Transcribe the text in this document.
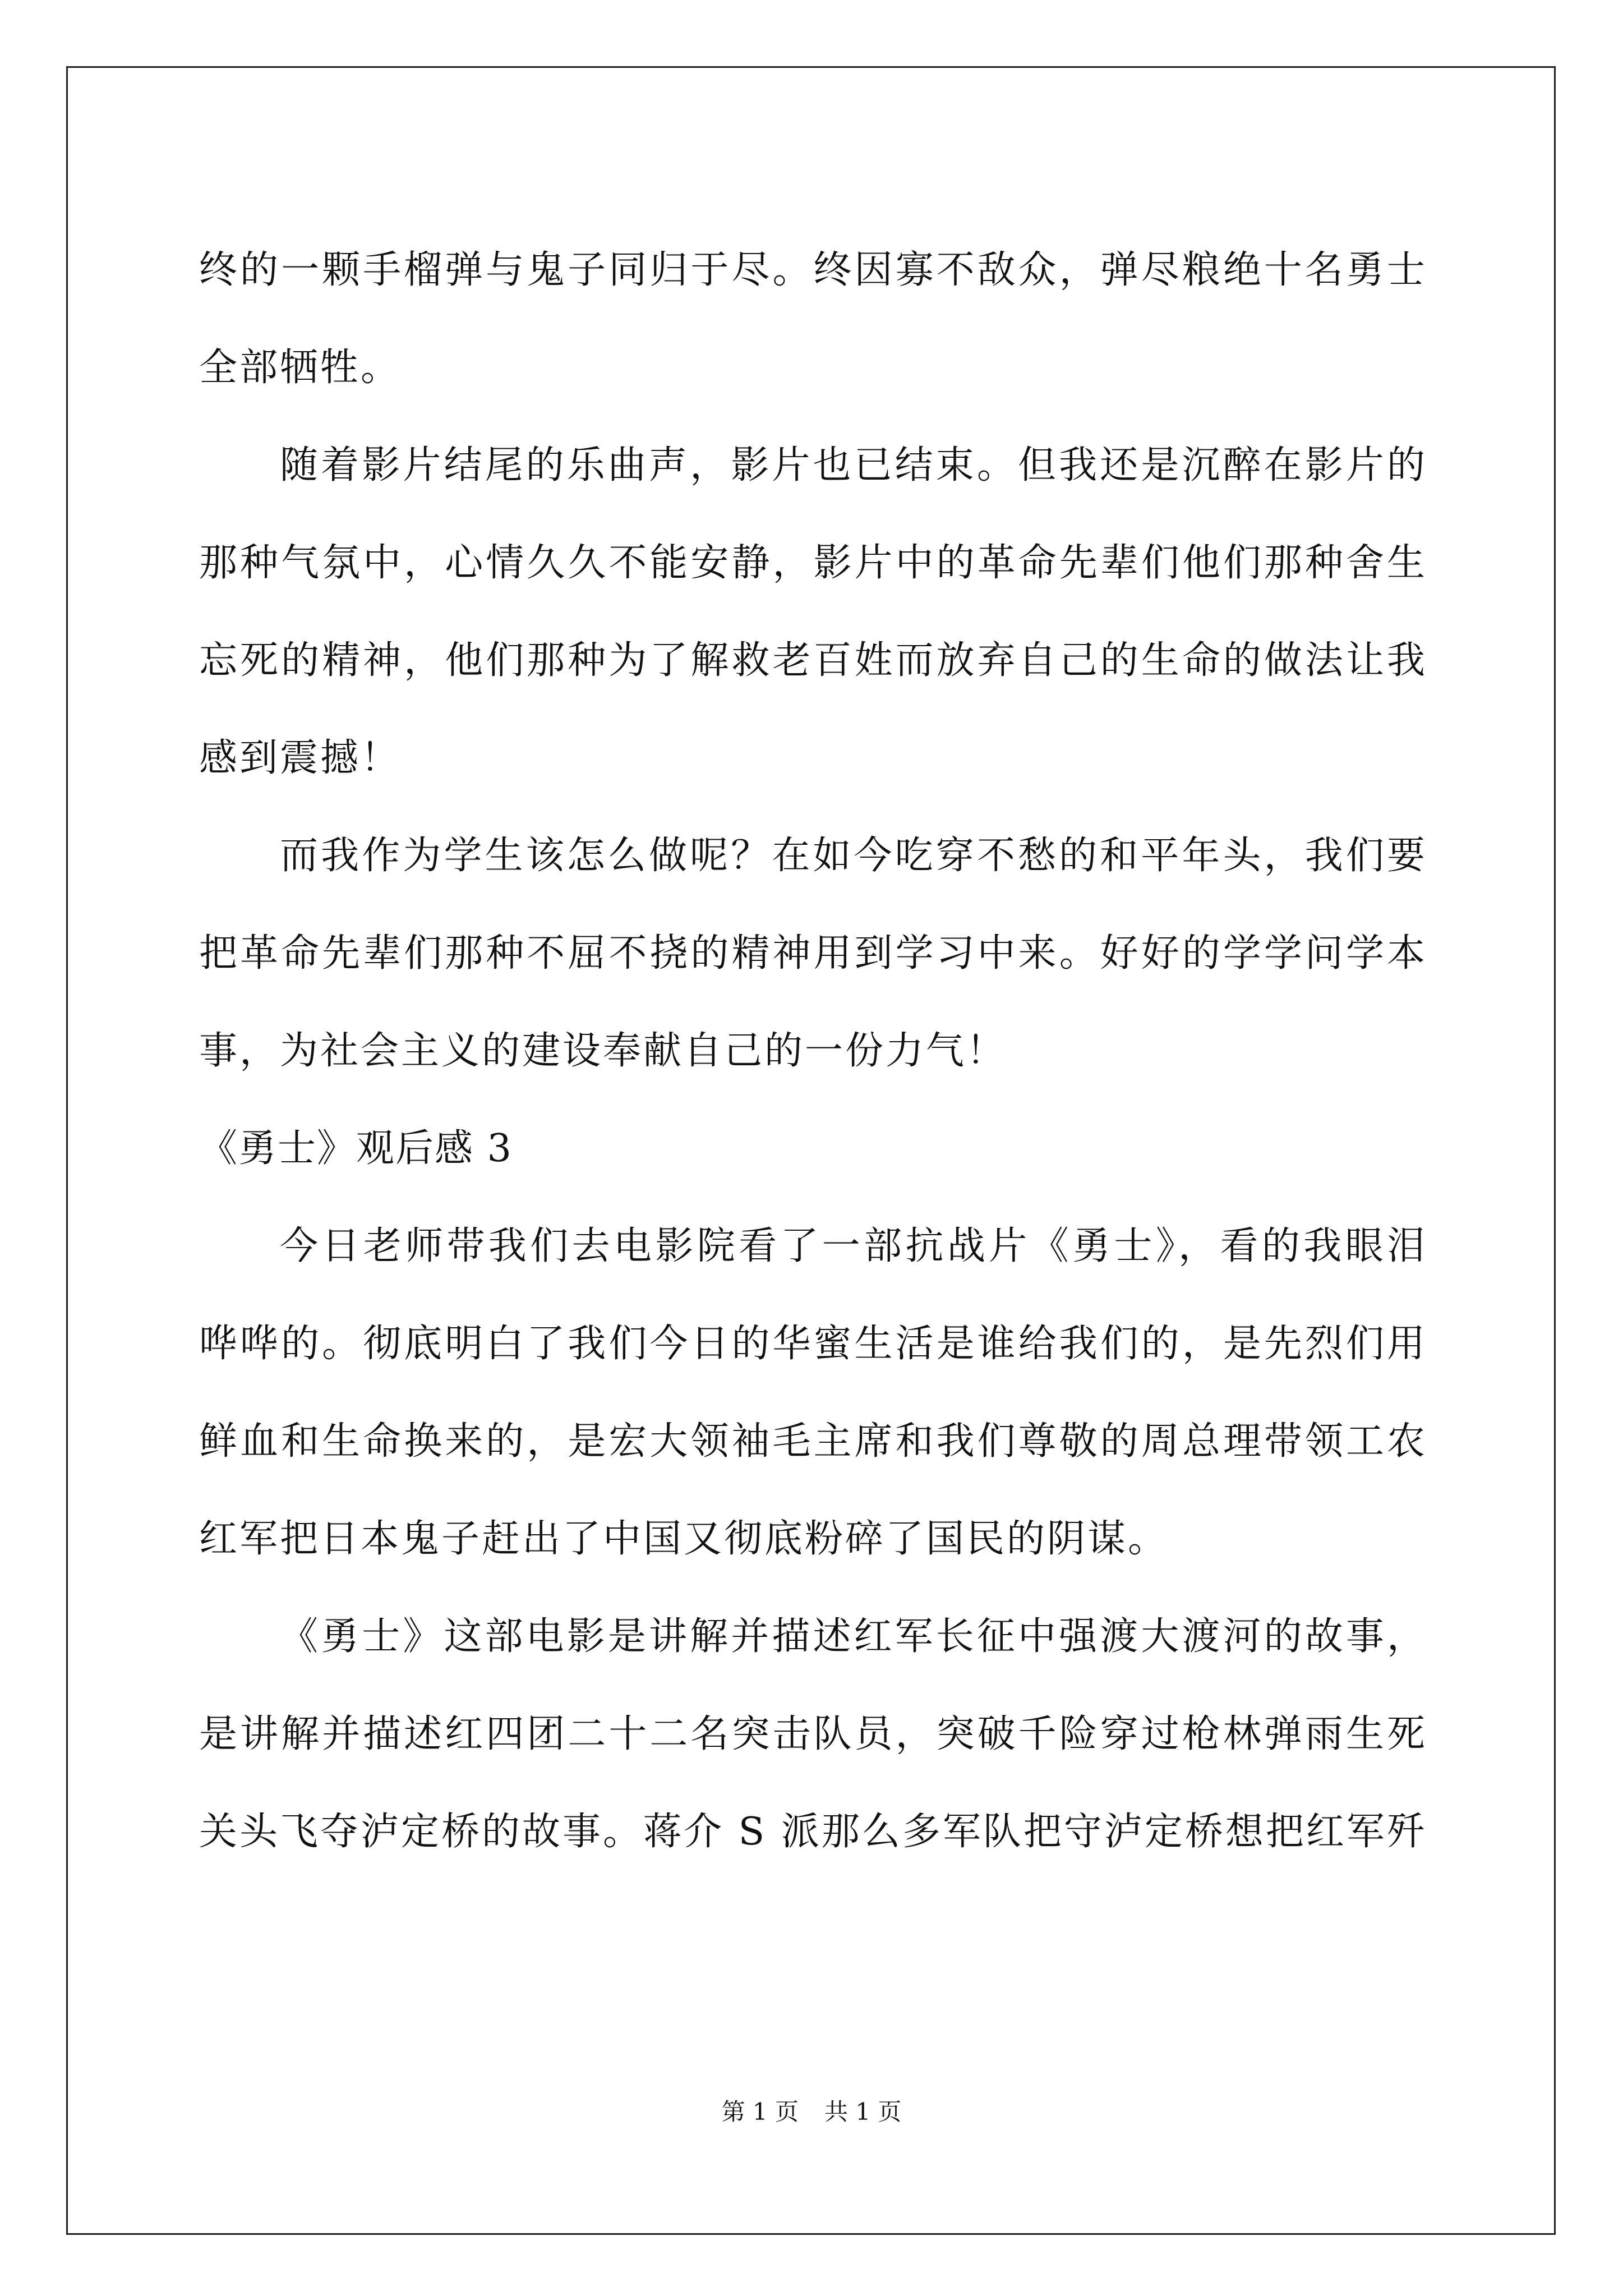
终的一颗手榴弹与鬼子同归于尽。终因寡不敌众，弹尽粮绝十名勇士全部牺牲。

随着影片结尾的乐曲声，影片也已结束。但我还是沉醉在影片的那种气氛中，心情久久不能安静，影片中的革命先辈们他们那种舍生忘死的精神，他们那种为了解救老百姓而放弃自己的生命的做法让我感到震撼！

而我作为学生该怎么做呢？在如今吃穿不愁的和平年头，我们要把革命先辈们那种不屈不挠的精神用到学习中来。好好的学学问学本事，为社会主义的建设奉献自己的一份力气！

《勇士》观后感 3

今日老师带我们去电影院看了一部抗战片《勇士》，看的我眼泪哗哗的。彻底明白了我们今日的华蜜生活是谁给我们的，是先烈们用鲜血和生命换来的，是宏大领袖毛主席和我们尊敬的周总理带领工农红军把日本鬼子赶出了中国又彻底粉碎了国民的阴谋。

《勇士》这部电影是讲解并描述红军长征中强渡大渡河的故事，是讲解并描述红四团二十二名突击队员，突破千险穿过枪林弹雨生死关头飞夺泸定桥的故事。蒋介 S 派那么多军队把守泸定桥想把红军歼

第 1 页 共 1 页
